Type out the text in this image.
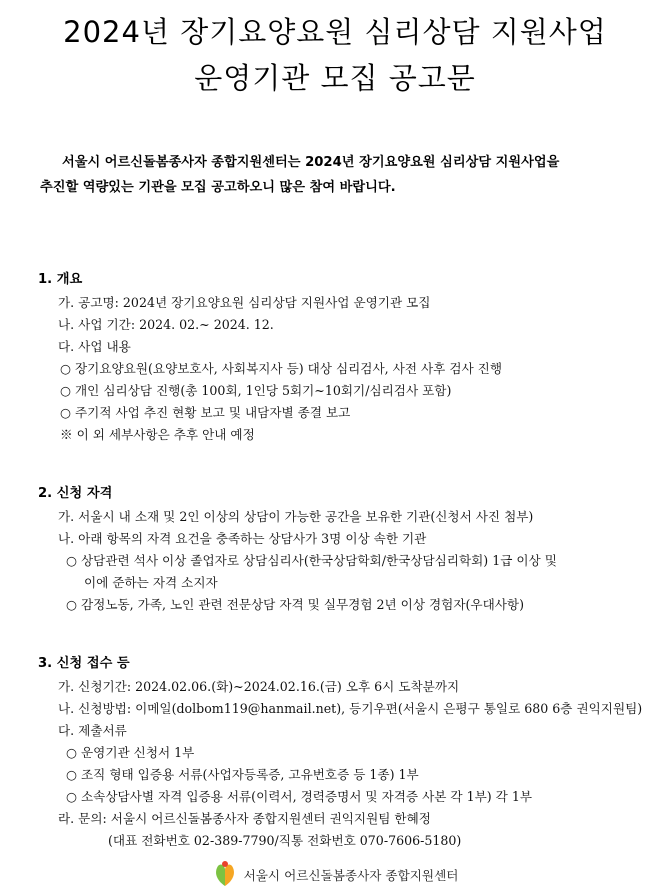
2024년 장기요양요원 심리상담 지원사업
운영기관 모집 공고문
서울시 어르신돌봄종사자 종합지원센터는 2024년 장기요양요원 심리상담 지원사업을
추진할 역량있는 기관을 모집 공고하오니 많은 참여 바랍니다.
1. 개요
가. 공고명: 2024년 장기요양요원 심리상담 지원사업 운영기관 모집
나. 사업 기간: 2024. 02.~ 2024. 12.
다. 사업 내용
○ 장기요양요원(요양보호사, 사회복지사 등) 대상 심리검사, 사전 사후 검사 진행
○ 개인 심리상담 진행(총 100회, 1인당 5회기~10회기/심리검사 포함)
○ 주기적 사업 추진 현황 보고 및 내담자별 종결 보고
※ 이 외 세부사항은 추후 안내 예정
2. 신청 자격
가. 서울시 내 소재 및 2인 이상의 상담이 가능한 공간을 보유한 기관(신청서 사진 첨부)
나. 아래 항목의 자격 요건을 충족하는 상담사가 3명 이상 속한 기관
○ 상담관련 석사 이상 졸업자로 상담심리사(한국상담학회/한국상담심리학회) 1급 이상 및
이에 준하는 자격 소지자
○ 감정노동, 가족, 노인 관련 전문상담 자격 및 실무경험 2년 이상 경험자(우대사항)
3. 신청 접수 등
가. 신청기간: 2024.02.06.(화)~2024.02.16.(금) 오후 6시 도착분까지
나. 신청방법: 이메일(dolbom119@hanmail.net), 등기우편(서울시 은평구 통일로 680 6층 권익지원팀)
다. 제출서류
○ 운영기관 신청서 1부
○ 조직 형태 입증용 서류(사업자등록증, 고유번호증 등 1종) 1부
○ 소속상담사별 자격 입증용 서류(이력서, 경력증명서 및 자격증 사본 각 1부) 각 1부
라. 문의: 서울시 어르신돌봄종사자 종합지원센터 권익지원팀 한혜정
(대표 전화번호 02-389-7790/직통 전화번호 070-7606-5180)
서울시 어르신돌봄종사자 종합지원센터
